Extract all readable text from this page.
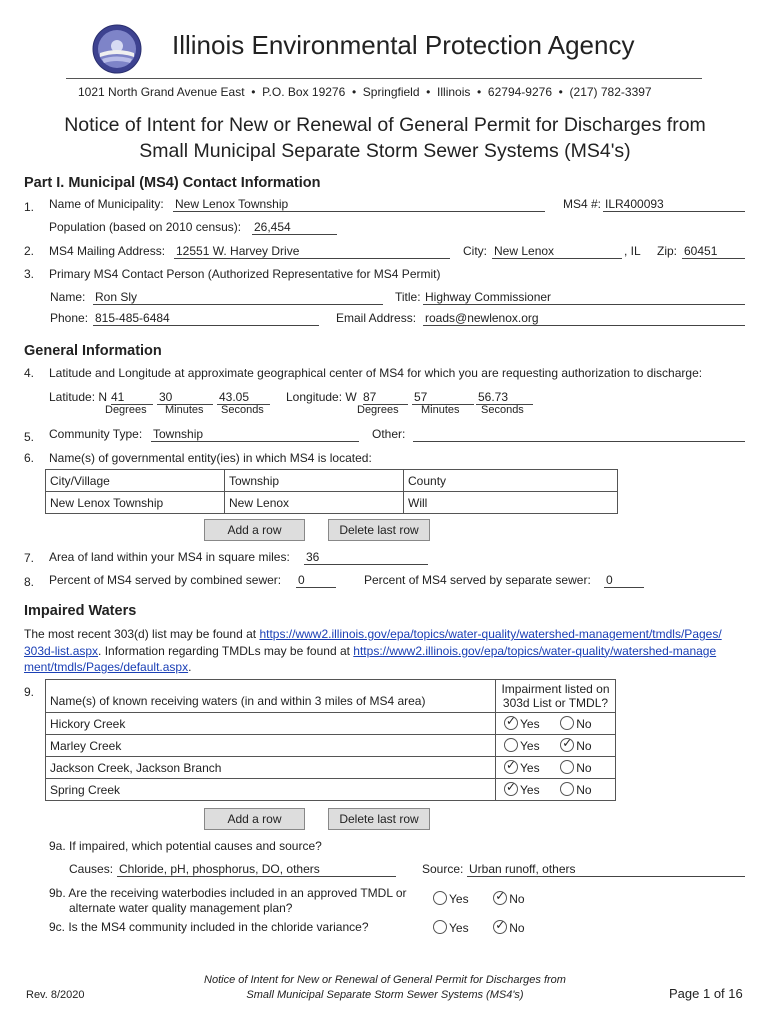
Illinois Environmental Protection Agency
1021 North Grand Avenue East  •  P.O. Box 19276  •  Springfield  •  Illinois  •  62794-9276  •  (217) 782-3397
Notice of Intent for New or Renewal of General Permit for Discharges from
Small Municipal Separate Storm Sewer Systems (MS4's)
Part I. Municipal (MS4) Contact Information
1. Name of Municipality: New Lenox Township	MS4 #: ILR400093
Population (based on 2010 census): 26,454
2. MS4 Mailing Address: 12551 W. Harvey Drive	City: New Lenox	, IL Zip: 60451
3. Primary MS4 Contact Person (Authorized Representative for MS4 Permit)
Name: Ron Sly	Title: Highway Commissioner
Phone: 815-485-6484	Email Address: roads@newlenox.org
General Information
4. Latitude and Longitude at approximate geographical center of MS4 for which you are requesting authorization to discharge:
Latitude: N 41	30	43.05
Degrees Minutes Seconds
Longitude: W 87	57	56.73
Degrees Minutes Seconds
5. Community Type: Township	Other:
6. Name(s) of governmental entity(ies) in which MS4 is located:
City/Village	Township	County
New Lenox Township	New Lenox	Will
Add a row	Delete last row
7. Area of land within your MS4 in square miles: 36
8. Percent of MS4 served by combined sewer: 0	Percent of MS4 served by separate sewer: 0
Impaired Waters
The most recent 303(d) list may be found at https://www2.illinois.gov/epa/topics/water-quality/watershed-management/tmdls/Pages/303d-list.aspx. Information regarding TMDLs may be found at https://www2.illinois.gov/epa/topics/water-quality/watershed-management/tmdls/Pages/default.aspx.
9.
Name(s) of known receiving waters (in and within 3 miles of MS4 area)	Impairment listed on 303d List or TMDL?
Hickory Creek	✓Yes No
Marley Creek	Yes ✓ No
Jackson Creek, Jackson Branch	✓Yes No
Spring Creek	✓Yes No
Add a row	Delete last row
9a. If impaired, which potential causes and source?
Causes: Chloride, pH, phosphorus, DO, others	Source: Urban runoff, others
9b. Are the receiving waterbodies included in an approved TMDL or
alternate water quality management plan?
Yes ✓	No
9c. Is the MS4 community included in the chloride variance?	Yes ✓	No
Rev. 8/2020
Notice of Intent for New or Renewal of General Permit for Discharges from
Small Municipal Separate Storm Sewer Systems (MS4's)	Page 1 of 16
